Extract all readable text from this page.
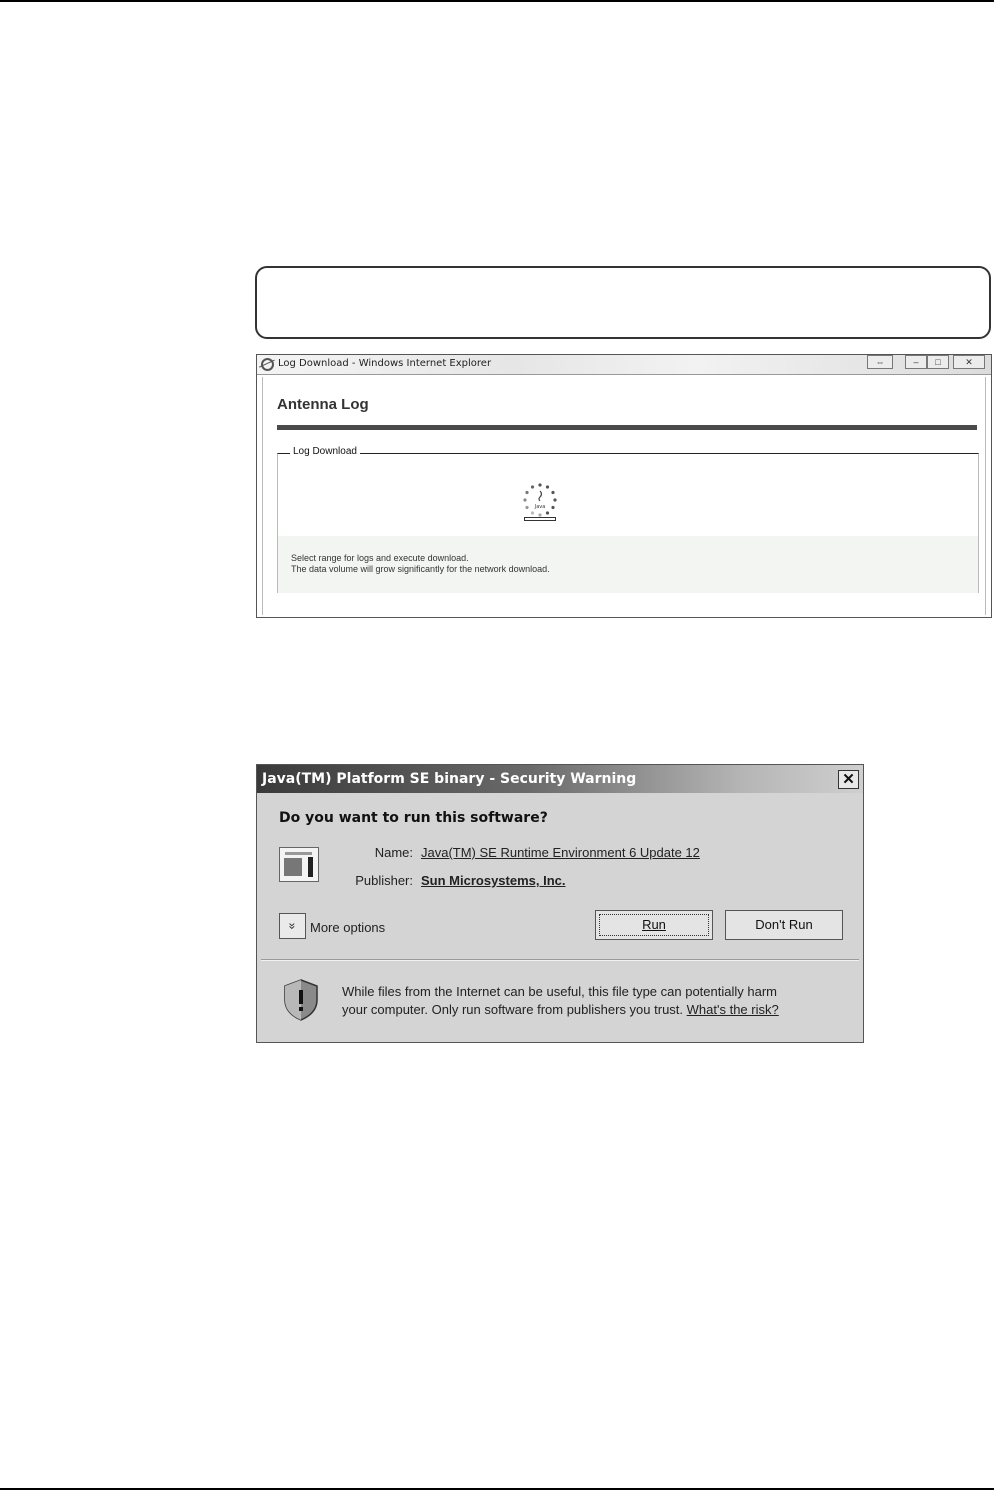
Log Download - Windows Internet Explorer	⇔	–	□	✕
Antenna Log
Log Download
Java
Select range for logs and execute download.
The data volume will grow significantly for the network download.
Java(TM) Platform SE binary - Security Warning	✕
Do you want to run this software?
Name: Java(TM) SE Runtime Environment 6 Update 12
Publisher: Sun Microsystems, Inc.
» More options	Run	Don't Run
While files from the Internet can be useful, this file type can potentially harm
your computer. Only run software from publishers you trust. What's the risk?
